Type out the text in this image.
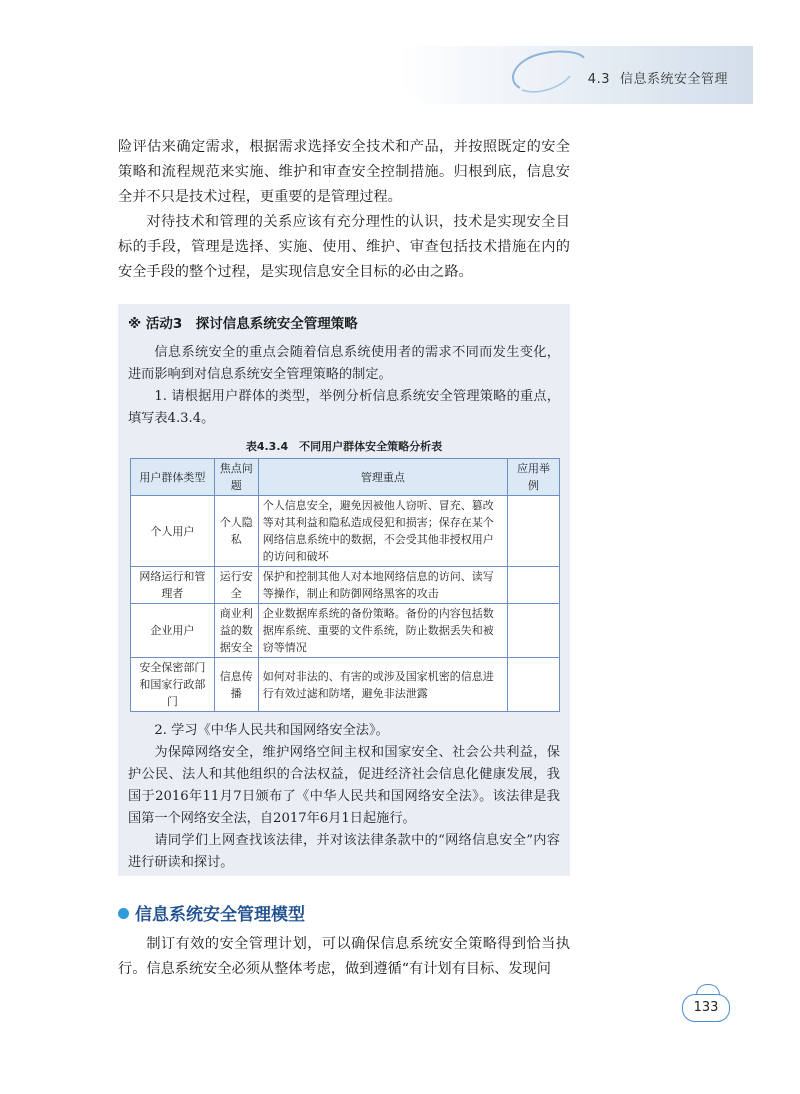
4.3 信息系统安全管理

险评估来确定需求，根据需求选择安全技术和产品，并按照既定的安全策略和流程规范来实施、维护和审查安全控制措施。归根到底，信息安全并不只是技术过程，更重要的是管理过程。

对待技术和管理的关系应该有充分理性的认识，技术是实现安全目标的手段，管理是选择、实施、使用、维护、审查包括技术措施在内的安全手段的整个过程，是实现信息安全目标的必由之路。

※ 活动3　探讨信息系统安全管理策略

信息系统安全的重点会随着信息系统使用者的需求不同而发生变化，进而影响到对信息系统安全管理策略的制定。

1. 请根据用户群体的类型，举例分析信息系统安全管理策略的重点，填写表4.3.4。

表4.3.4　不同用户群体安全策略分析表
用户群体类型	焦点问题	管理重点	应用举例
个人用户	个人隐私	个人信息安全，避免因被他人窃听、冒充、篡改等对其利益和隐私造成侵犯和损害；保存在某个网络信息系统中的数据，不会受其他非授权用户的访问和破坏	
网络运行和管理者	运行安全	保护和控制其他人对本地网络信息的访问、读写等操作，制止和防御网络黑客的攻击	
企业用户	商业利益的数据安全	企业数据库系统的备份策略。备份的内容包括数据库系统、重要的文件系统，防止数据丢失和被窃等情况	
安全保密部门和国家行政部门	信息传播	如何对非法的、有害的或涉及国家机密的信息进行有效过滤和防堵，避免非法泄露	

2. 学习《中华人民共和国网络安全法》。

为保障网络安全，维护网络空间主权和国家安全、社会公共利益，保护公民、法人和其他组织的合法权益，促进经济社会信息化健康发展，我国于2016年11月7日颁布了《中华人民共和国网络安全法》。该法律是我国第一个网络安全法，自2017年6月1日起施行。

请同学们上网查找该法律，并对该法律条款中的“网络信息安全”内容进行研读和探讨。

信息系统安全管理模型

制订有效的安全管理计划，可以确保信息系统安全策略得到恰当执行。信息系统安全必须从整体考虑，做到遵循“有计划有目标、发现问

133
